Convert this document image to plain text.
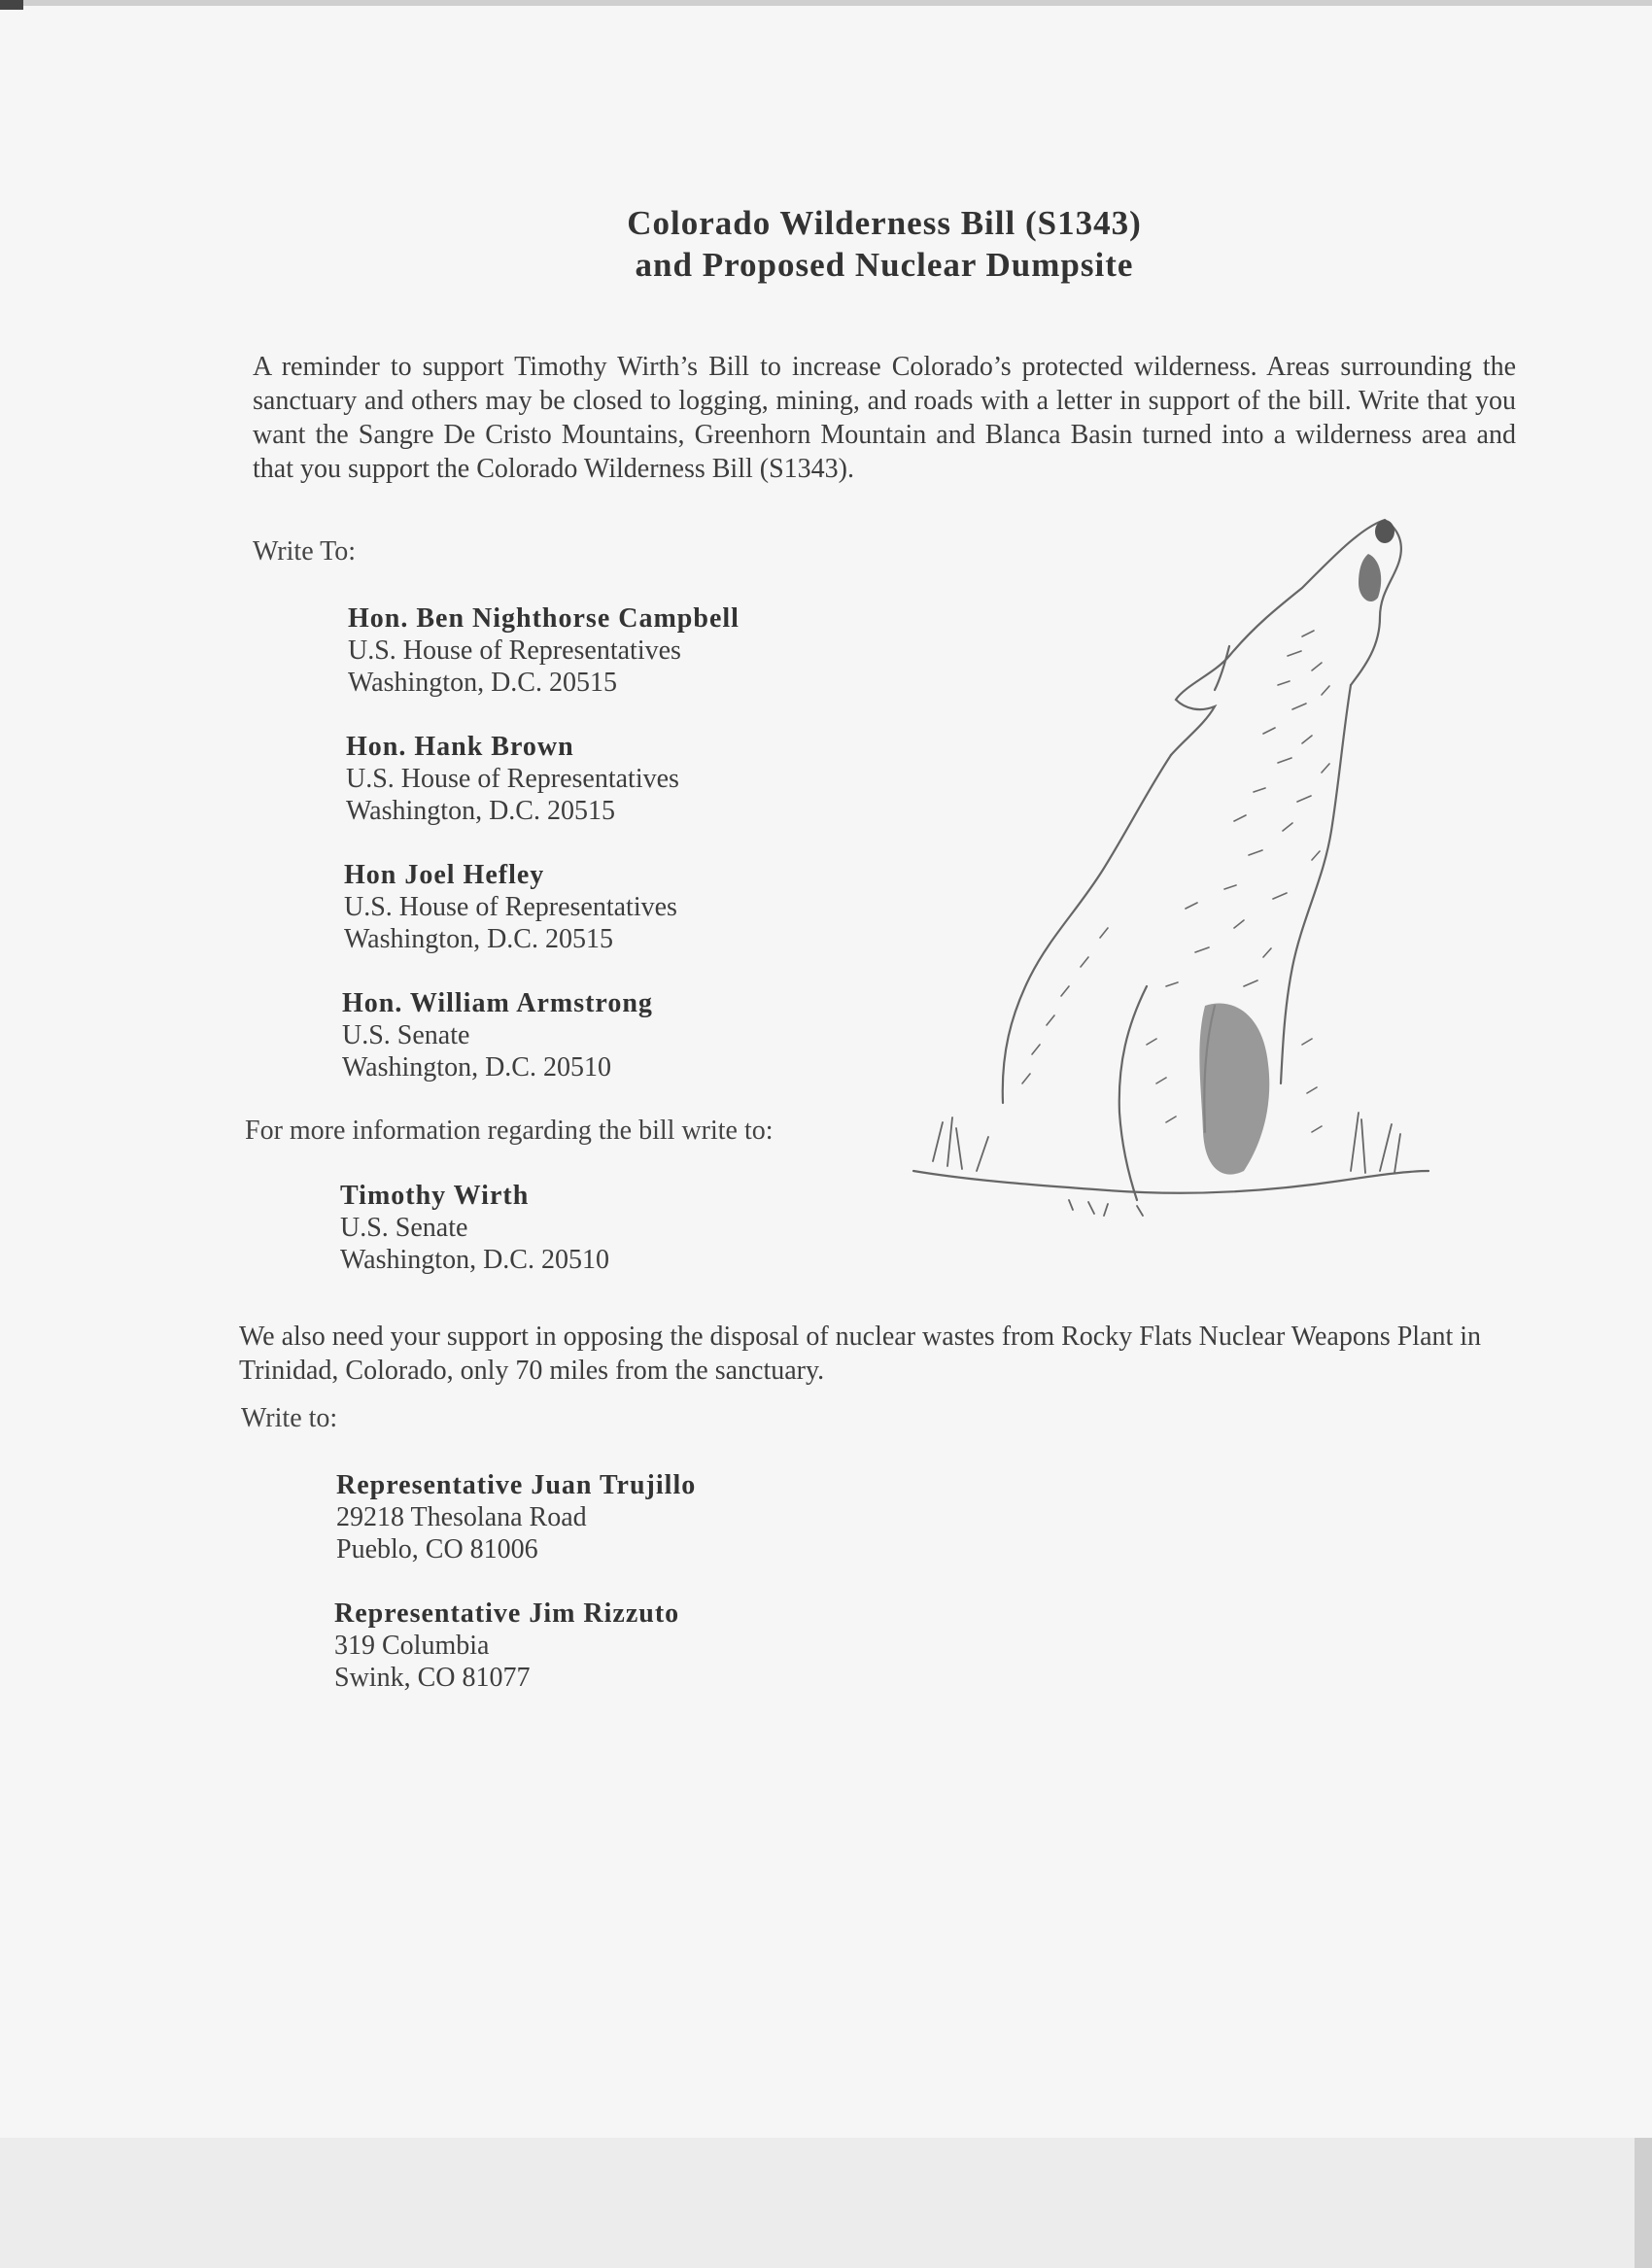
Colorado Wilderness Bill (S1343)
and Proposed Nuclear Dumpsite
A reminder to support Timothy Wirth’s Bill to increase Colorado’s protected wilderness. Areas surrounding the sanctuary and others may be closed to logging, mining, and roads with a letter in support of the bill. Write that you want the Sangre De Cristo Mountains, Greenhorn Mountain and Blanca Basin turned into a wilderness area and that you support the Colorado Wilderness Bill (S1343).
Write To:
Hon. Ben Nighthorse Campbell
U.S. House of Representatives
Washington, D.C. 20515
Hon. Hank Brown
U.S. House of Representatives
Washington, D.C. 20515
Hon Joel Hefley
U.S. House of Representatives
Washington, D.C. 20515
Hon. William Armstrong
U.S. Senate
Washington, D.C. 20510
For more information regarding the bill write to:
Timothy Wirth
U.S. Senate
Washington, D.C. 20510
We also need your support in opposing the disposal of nuclear wastes from Rocky Flats Nuclear Weapons Plant in Trinidad, Colorado, only 70 miles from the sanctuary.
Write to:
Representative Juan Trujillo
29218 Thesolana Road
Pueblo, CO 81006
Representative Jim Rizzuto
319 Columbia
Swink, CO 81077
